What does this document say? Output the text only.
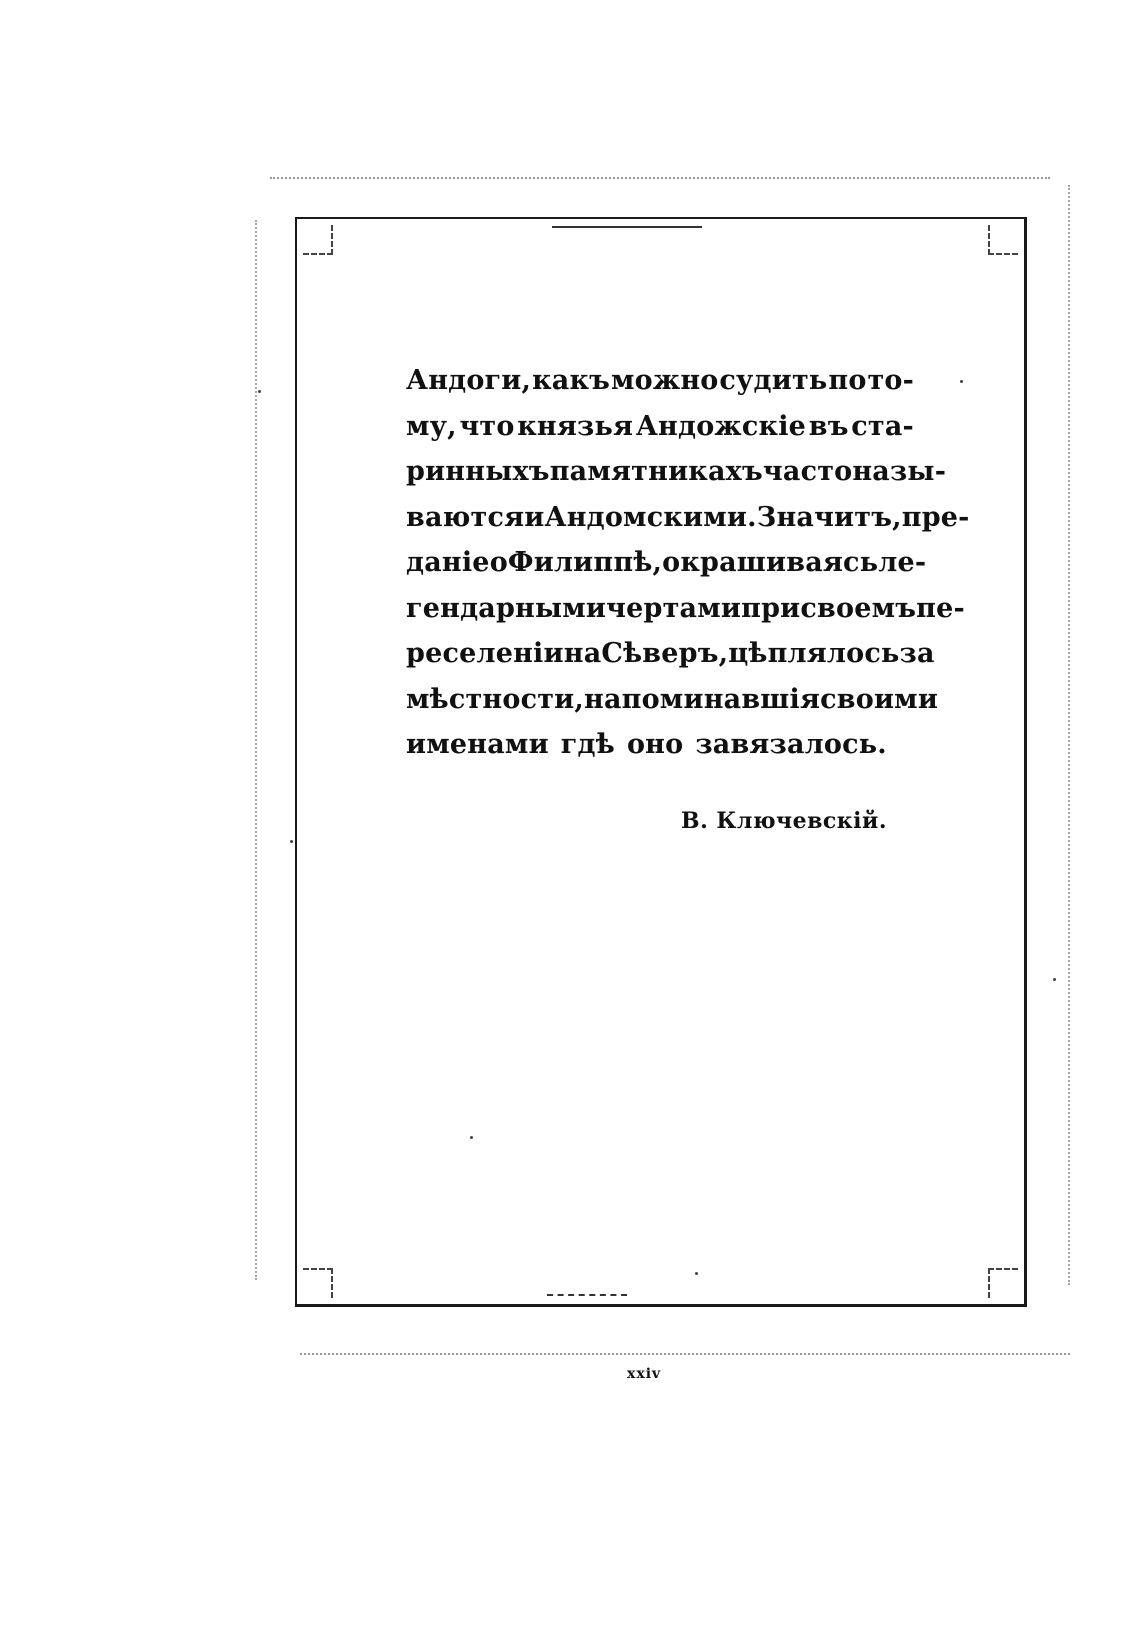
Андоги, какъ можно судить по то-
му, что князья Андожскіе въ ста-
ринныхъ памятникахъ часто назы-
ваются и Андомскими. Значитъ, пре-
даніе о Филиппѣ, окрашиваясь ле-
гендарными чертами при своемъ пе-
реселеніи на Сѣверъ, цѣплялось за
мѣстности, напоминавшія своими
именами гдѣ оно завязалось.
В. Ключевскій.
xxiv
